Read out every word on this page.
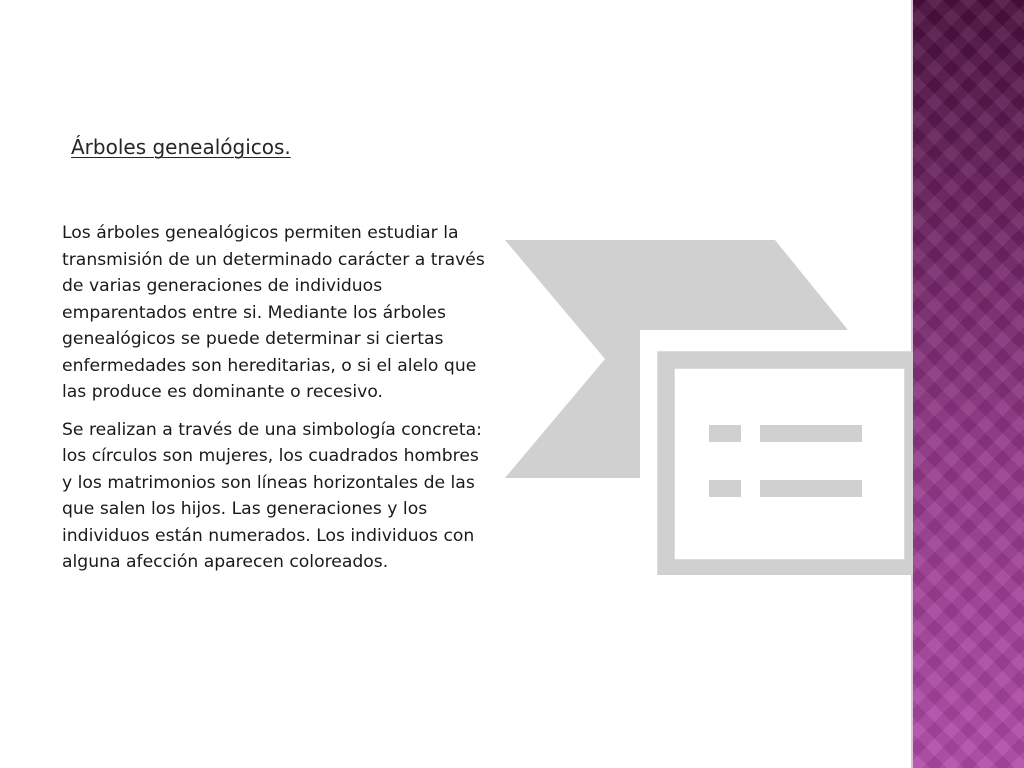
Árboles genealógicos.

Los árboles genealógicos permiten estudiar la transmisión de un determinado carácter a través de varias generaciones de individuos emparentados entre si. Mediante los árboles genealógicos se puede determinar si ciertas enfermedades son hereditarias, o si el alelo que las produce es dominante o recesivo.

Se realizan a través de una simbología concreta: los círculos son mujeres, los cuadrados hombres y los matrimonios son líneas horizontales de las que salen los hijos. Las generaciones y los individuos están numerados. Los individuos con alguna afección aparecen coloreados.
